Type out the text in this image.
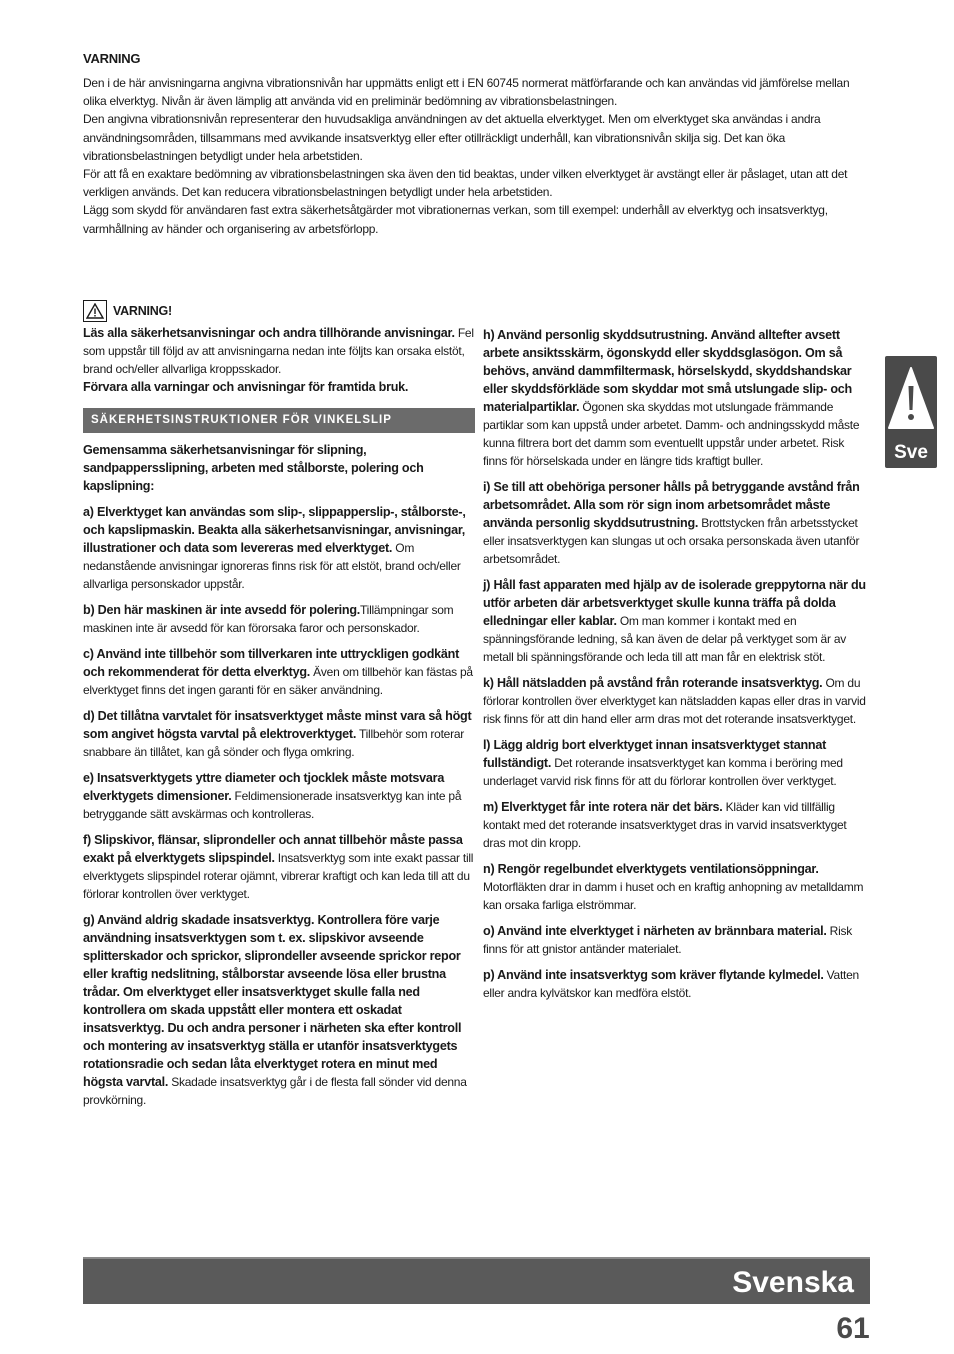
VARNING

Den i de här anvisningarna angivna vibrationsnivån har uppmätts enligt ett i EN 60745 normerat mätförfarande och kan användas vid jämförelse mellan olika elverktyg. Nivån är även lämplig att använda vid en preliminär bedömning av vibrationsbelastningen.

Den angivna vibrationsnivån representerar den huvudsakliga användningen av det aktuella elverktyget. Men om elverktyget ska användas i andra användningsområden, tillsammans med avvikande insatsverktyg eller efter otillräckligt underhåll, kan vibrationsnivån skilja sig. Det kan öka vibrationsbelastningen betydligt under hela arbetstiden.

För att få en exaktare bedömning av vibrationsbelastningen ska även den tid beaktas, under vilken elverktyget är avstängt eller är påslaget, utan att det verkligen används. Det kan reducera vibrationsbelastningen betydligt under hela arbetstiden.

Lägg som skydd för användaren fast extra säkerhetsåtgärder mot vibrationernas verkan, som till exempel: underhåll av elverktyg och insatsverktyg, varmhållning av händer och organisering av arbetsförlopp.

VARNING!

Läs alla säkerhetsanvisningar och andra tillhörande anvisningar. Fel som uppstår till följd av att anvisningarna nedan inte följts kan orsaka elstöt, brand och/eller allvarliga kroppsskador.
Förvara alla varningar och anvisningar för framtida bruk.

SÄKERHETSINSTRUKTIONER FÖR VINKELSLIP

Gemensamma säkerhetsanvisningar för slipning, sandpappersslipning, arbeten med stålborste, polering och kapslipning:

a) Elverktyget kan användas som slip-, slippapperslip-, stålborste-, och kapslipmaskin. Beakta alla säkerhetsanvisningar, anvisningar, illustrationer och data som levereras med elverktyget. Om nedanstående anvisningar ignoreras finns risk för att elstöt, brand och/eller allvarliga personskador uppstår.

b) Den här maskinen är inte avsedd för polering.Tillämpningar som maskinen inte är avsedd för kan förorsaka faror och personskador.

c) Använd inte tillbehör som tillverkaren inte uttryckligen godkänt och rekommenderat för detta elverktyg. Även om tillbehör kan fästas på elverktyget finns det ingen garanti för en säker användning.

d) Det tillåtna varvtalet för insatsverktyget måste minst vara så högt som angivet högsta varvtal på elektroverktyget. Tillbehör som roterar snabbare än tillåtet, kan gå sönder och flyga omkring.

e) Insatsverktygets yttre diameter och tjocklek måste motsvara elverktygets dimensioner. Feldimensionerade insatsverktyg kan inte på betryggande sätt avskärmas och kontrolleras.

f) Slipskivor, flänsar, sliprondeller och annat tillbehör måste passa exakt på elverktygets slipspindel. Insatsverktyg som inte exakt passar till elverktygets slipspindel roterar ojämnt, vibrerar kraftigt och kan leda till att du förlorar kontrollen över verktyget.

g) Använd aldrig skadade insatsverktyg. Kontrollera före varje användning insatsverktygen som t. ex. slipskivor avseende splitterskador och sprickor, sliprondeller avseende sprickor repor eller kraftig nedslitning, stålborstar avseende lösa eller brustna trådar. Om elverktyget eller insatsverktyget skulle falla ned kontrollera om skada uppstått eller montera ett oskadat insatsverktyg. Du och andra personer i närheten ska efter kontroll och montering av insatsverktyg ställa er utanför insatsverktygets rotationsradie och sedan låta elverktyget rotera en minut med högsta varvtal. Skadade insatsverktyg går i de flesta fall sönder vid denna provkörning.

h) Använd personlig skyddsutrustning. Använd alltefter avsett arbete ansiktsskärm, ögonskydd eller skyddsglasögon. Om så behövs, använd dammfiltermask, hörselskydd, skyddshandskar eller skyddsförkläde som skyddar mot små utslungade slip- och materialpartiklar. Ögonen ska skyddas mot utslungade främmande partiklar som kan uppstå under arbetet. Damm- och andningsskydd måste kunna filtrera bort det damm som eventuellt uppstår under arbetet. Risk finns för hörselskada under en längre tids kraftigt buller.

i) Se till att obehöriga personer hålls på betryggande avstånd från arbetsområdet. Alla som rör sign inom arbetsområdet måste använda personlig skyddsutrustning. Brottstycken från arbetsstycket eller insatsverktygen kan slungas ut och orsaka personskada även utanför arbetsområdet.

j) Håll fast apparaten med hjälp av de isolerade greppytorna när du utför arbeten där arbetsverktyget skulle kunna träffa på dolda elledningar eller kablar. Om man kommer i kontakt med en spänningsförande ledning, så kan även de delar på verktyget som är av metall bli spänningsförande och leda till att man får en elektrisk stöt.

k) Håll nätsladden på avstånd från roterande insatsverktyg. Om du förlorar kontrollen över elverktyget kan nätsladden kapas eller dras in varvid risk finns för att din hand eller arm dras mot det roterande insatsverktyget.

l) Lägg aldrig bort elverktyget innan insatsverktyget stannat fullständigt. Det roterande insatsverktyget kan komma i beröring med underlaget varvid risk finns för att du förlorar kontrollen över verktyget.

m) Elverktyget får inte rotera när det bärs. Kläder kan vid tillfällig kontakt med det roterande insatsverktyget dras in varvid insatsverktyget dras mot din kropp.

n) Rengör regelbundet elverktygets ventilationsöppningar. Motorfläkten drar in damm i huset och en kraftig anhopning av metalldamm kan orsaka farliga elströmmar.

o) Använd inte elverktyget i närheten av brännbara material. Risk finns för att gnistor antänder materialet.

p) Använd inte insatsverktyg som kräver flytande kylmedel. Vatten eller andra kylvätskor kan medföra elstöt.

Sve
Svenska
61
